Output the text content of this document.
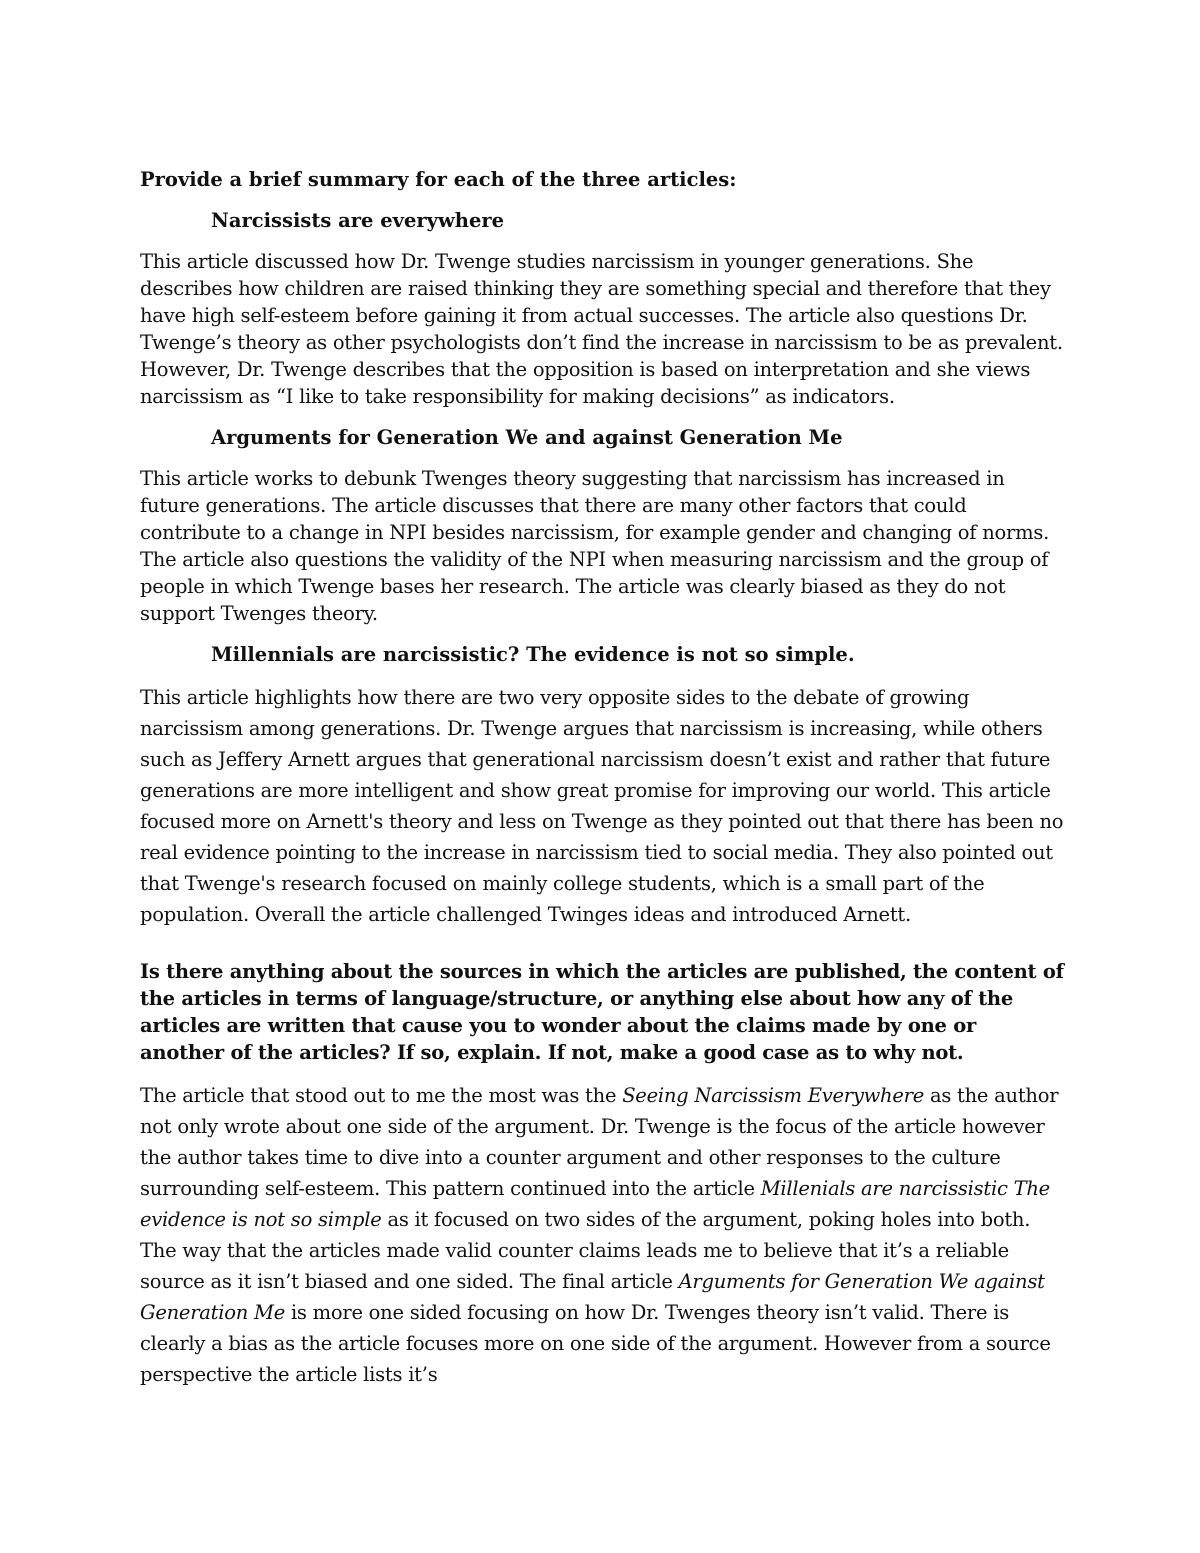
Provide a brief summary for each of the three articles:

Narcissists are everywhere

This article discussed how Dr. Twenge studies narcissism in younger generations. She describes how children are raised thinking they are something special and therefore that they have high self-esteem before gaining it from actual successes. The article also questions Dr. Twenge’s theory as other psychologists don’t find the increase in narcissism to be as prevalent. However, Dr. Twenge describes that the opposition is based on interpretation and she views narcissism as “I like to take responsibility for making decisions” as indicators.

Arguments for Generation We and against Generation Me

This article works to debunk Twenges theory suggesting that narcissism has increased in future generations. The article discusses that there are many other factors that could contribute to a change in NPI besides narcissism, for example gender and changing of norms. The article also questions the validity of the NPI when measuring narcissism and the group of people in which Twenge bases her research. The article was clearly biased as they do not support Twenges theory.

Millennials are narcissistic? The evidence is not so simple.

This article highlights how there are two very opposite sides to the debate of growing narcissism among generations. Dr. Twenge argues that narcissism is increasing, while others such as Jeffery Arnett argues that generational narcissism doesn’t exist and rather that future generations are more intelligent and show great promise for improving our world. This article focused more on Arnett's theory and less on Twenge as they pointed out that there has been no real evidence pointing to the increase in narcissism tied to social media. They also pointed out that Twenge's research focused on mainly college students, which is a small part of the population. Overall the article challenged Twinges ideas and introduced Arnett.

Is there anything about the sources in which the articles are published, the content of the articles in terms of language/structure, or anything else about how any of the articles are written that cause you to wonder about the claims made by one or another of the articles? If so, explain. If not, make a good case as to why not.

The article that stood out to me the most was the Seeing Narcissism Everywhere as the author not only wrote about one side of the argument. Dr. Twenge is the focus of the article however the author takes time to dive into a counter argument and other responses to the culture surrounding self-esteem. This pattern continued into the article Millenials are narcissistic The evidence is not so simple as it focused on two sides of the argument, poking holes into both. The way that the articles made valid counter claims leads me to believe that it’s a reliable source as it isn’t biased and one sided. The final article Arguments for Generation We against Generation Me is more one sided focusing on how Dr. Twenges theory isn’t valid. There is clearly a bias as the article focuses more on one side of the argument. However from a source perspective the article lists it’s
